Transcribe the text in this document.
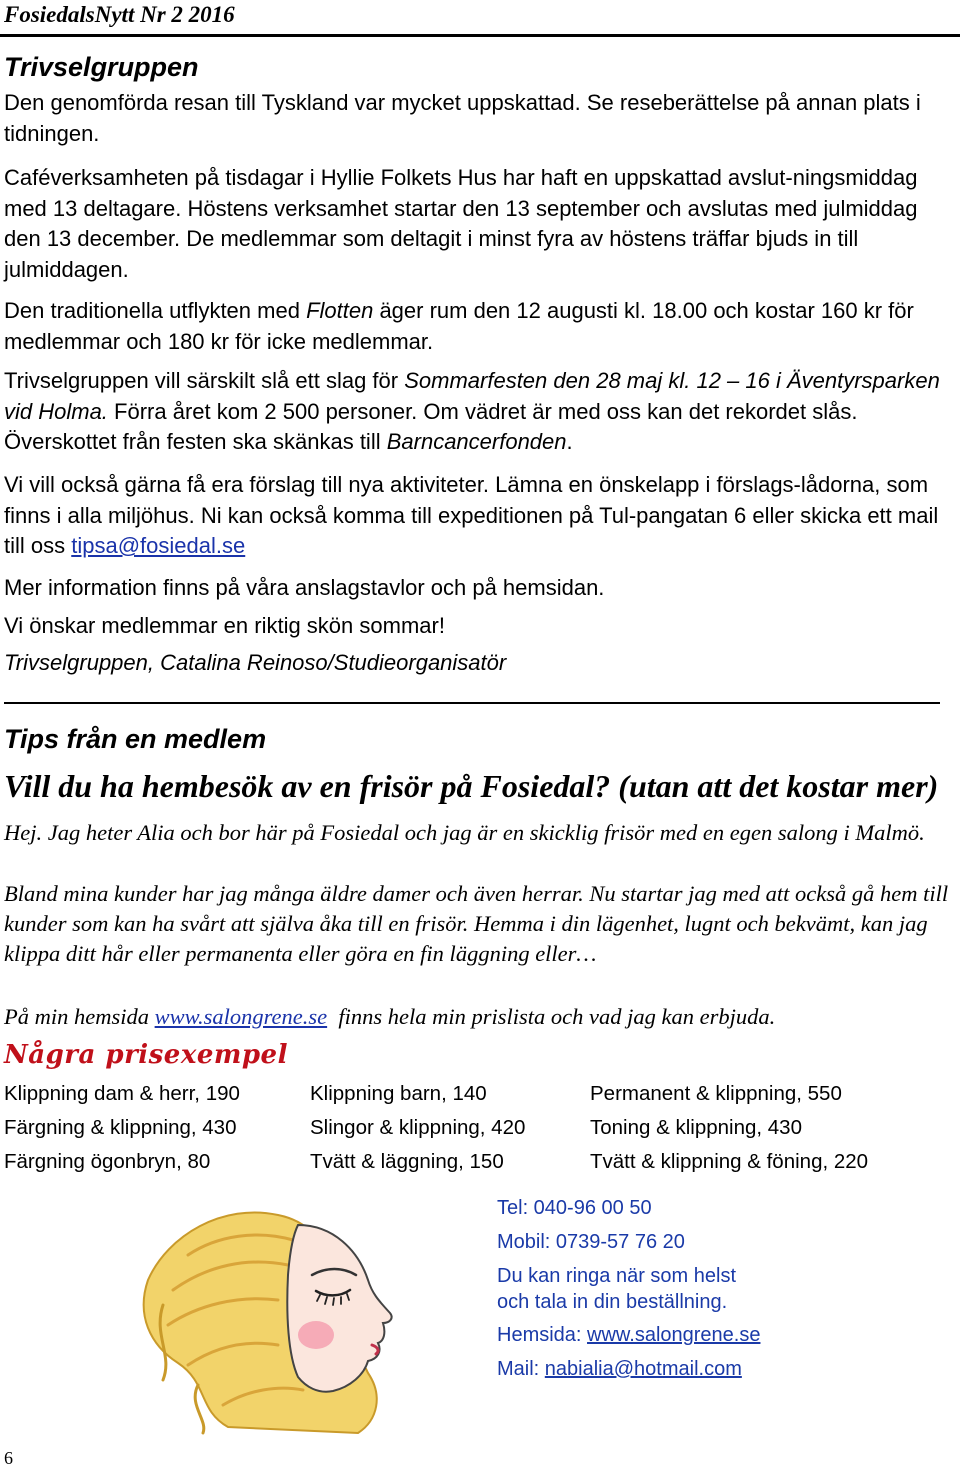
FosiedalsNytt Nr 2 2016
Trivselgruppen

Den genomförda resan till Tyskland var mycket uppskattad. Se reseberättelse på annan plats i tidningen.

Caféverksamheten på tisdagar i Hyllie Folkets Hus har haft en uppskattad avslut-ningsmiddag med 13 deltagare. Höstens verksamhet startar den 13 september och avslutas med julmiddag den 13 december. De medlemmar som deltagit i minst fyra av höstens träffar bjuds in till julmiddagen.

Den traditionella utflykten med Flotten äger rum den 12 augusti kl. 18.00 och kostar 160 kr för medlemmar och 180 kr för icke medlemmar.

Trivselgruppen vill särskilt slå ett slag för Sommarfesten den 28 maj kl. 12 – 16 i Äventyrsparken vid Holma. Förra året kom 2 500 personer. Om vädret är med oss kan det rekordet slås. Överskottet från festen ska skänkas till Barncancerfonden.

Vi vill också gärna få era förslag till nya aktiviteter. Lämna en önskelapp i förslags-lådorna, som finns i alla miljöhus. Ni kan också komma till expeditionen på Tul-pangatan 6 eller skicka ett mail till oss tipsa@fosiedal.se

Mer information finns på våra anslagstavlor och på hemsidan.

Vi önskar medlemmar en riktig skön sommar!

Trivselgruppen, Catalina Reinoso/Studieorganisatör

Tips från en medlem
Vill du ha hembesök av en frisör på Fosiedal? (utan att det kostar mer)

Hej. Jag heter Alia och bor här på Fosiedal och jag är en skicklig frisör med en egen salong i Malmö.

Bland mina kunder har jag många äldre damer och även herrar. Nu startar jag med att också gå hem till kunder som kan ha svårt att själva åka till en frisör. Hemma i din lägenhet, lugnt och bekvämt, kan jag klippa ditt hår eller permanenta eller göra en fin läggning eller…

På min hemsida www.salongrene.se  finns hela min prislista och vad jag kan erbjuda.

Några prisexempel
Klippning dam & herr, 190	Klippning barn, 140	Permanent & klippning, 550
Färgning & klippning, 430	Slingor & klippning, 420	Toning & klippning, 430
Färgning ögonbryn, 80	Tvätt & läggning, 150	Tvätt & klippning & föning, 220
Tel: 040-96 00 50
Mobil: 0739-57 76 20
Du kan ringa när som helst
och tala in din beställning.
Hemsida: www.salongrene.se
Mail: nabialia@hotmail.com
6
